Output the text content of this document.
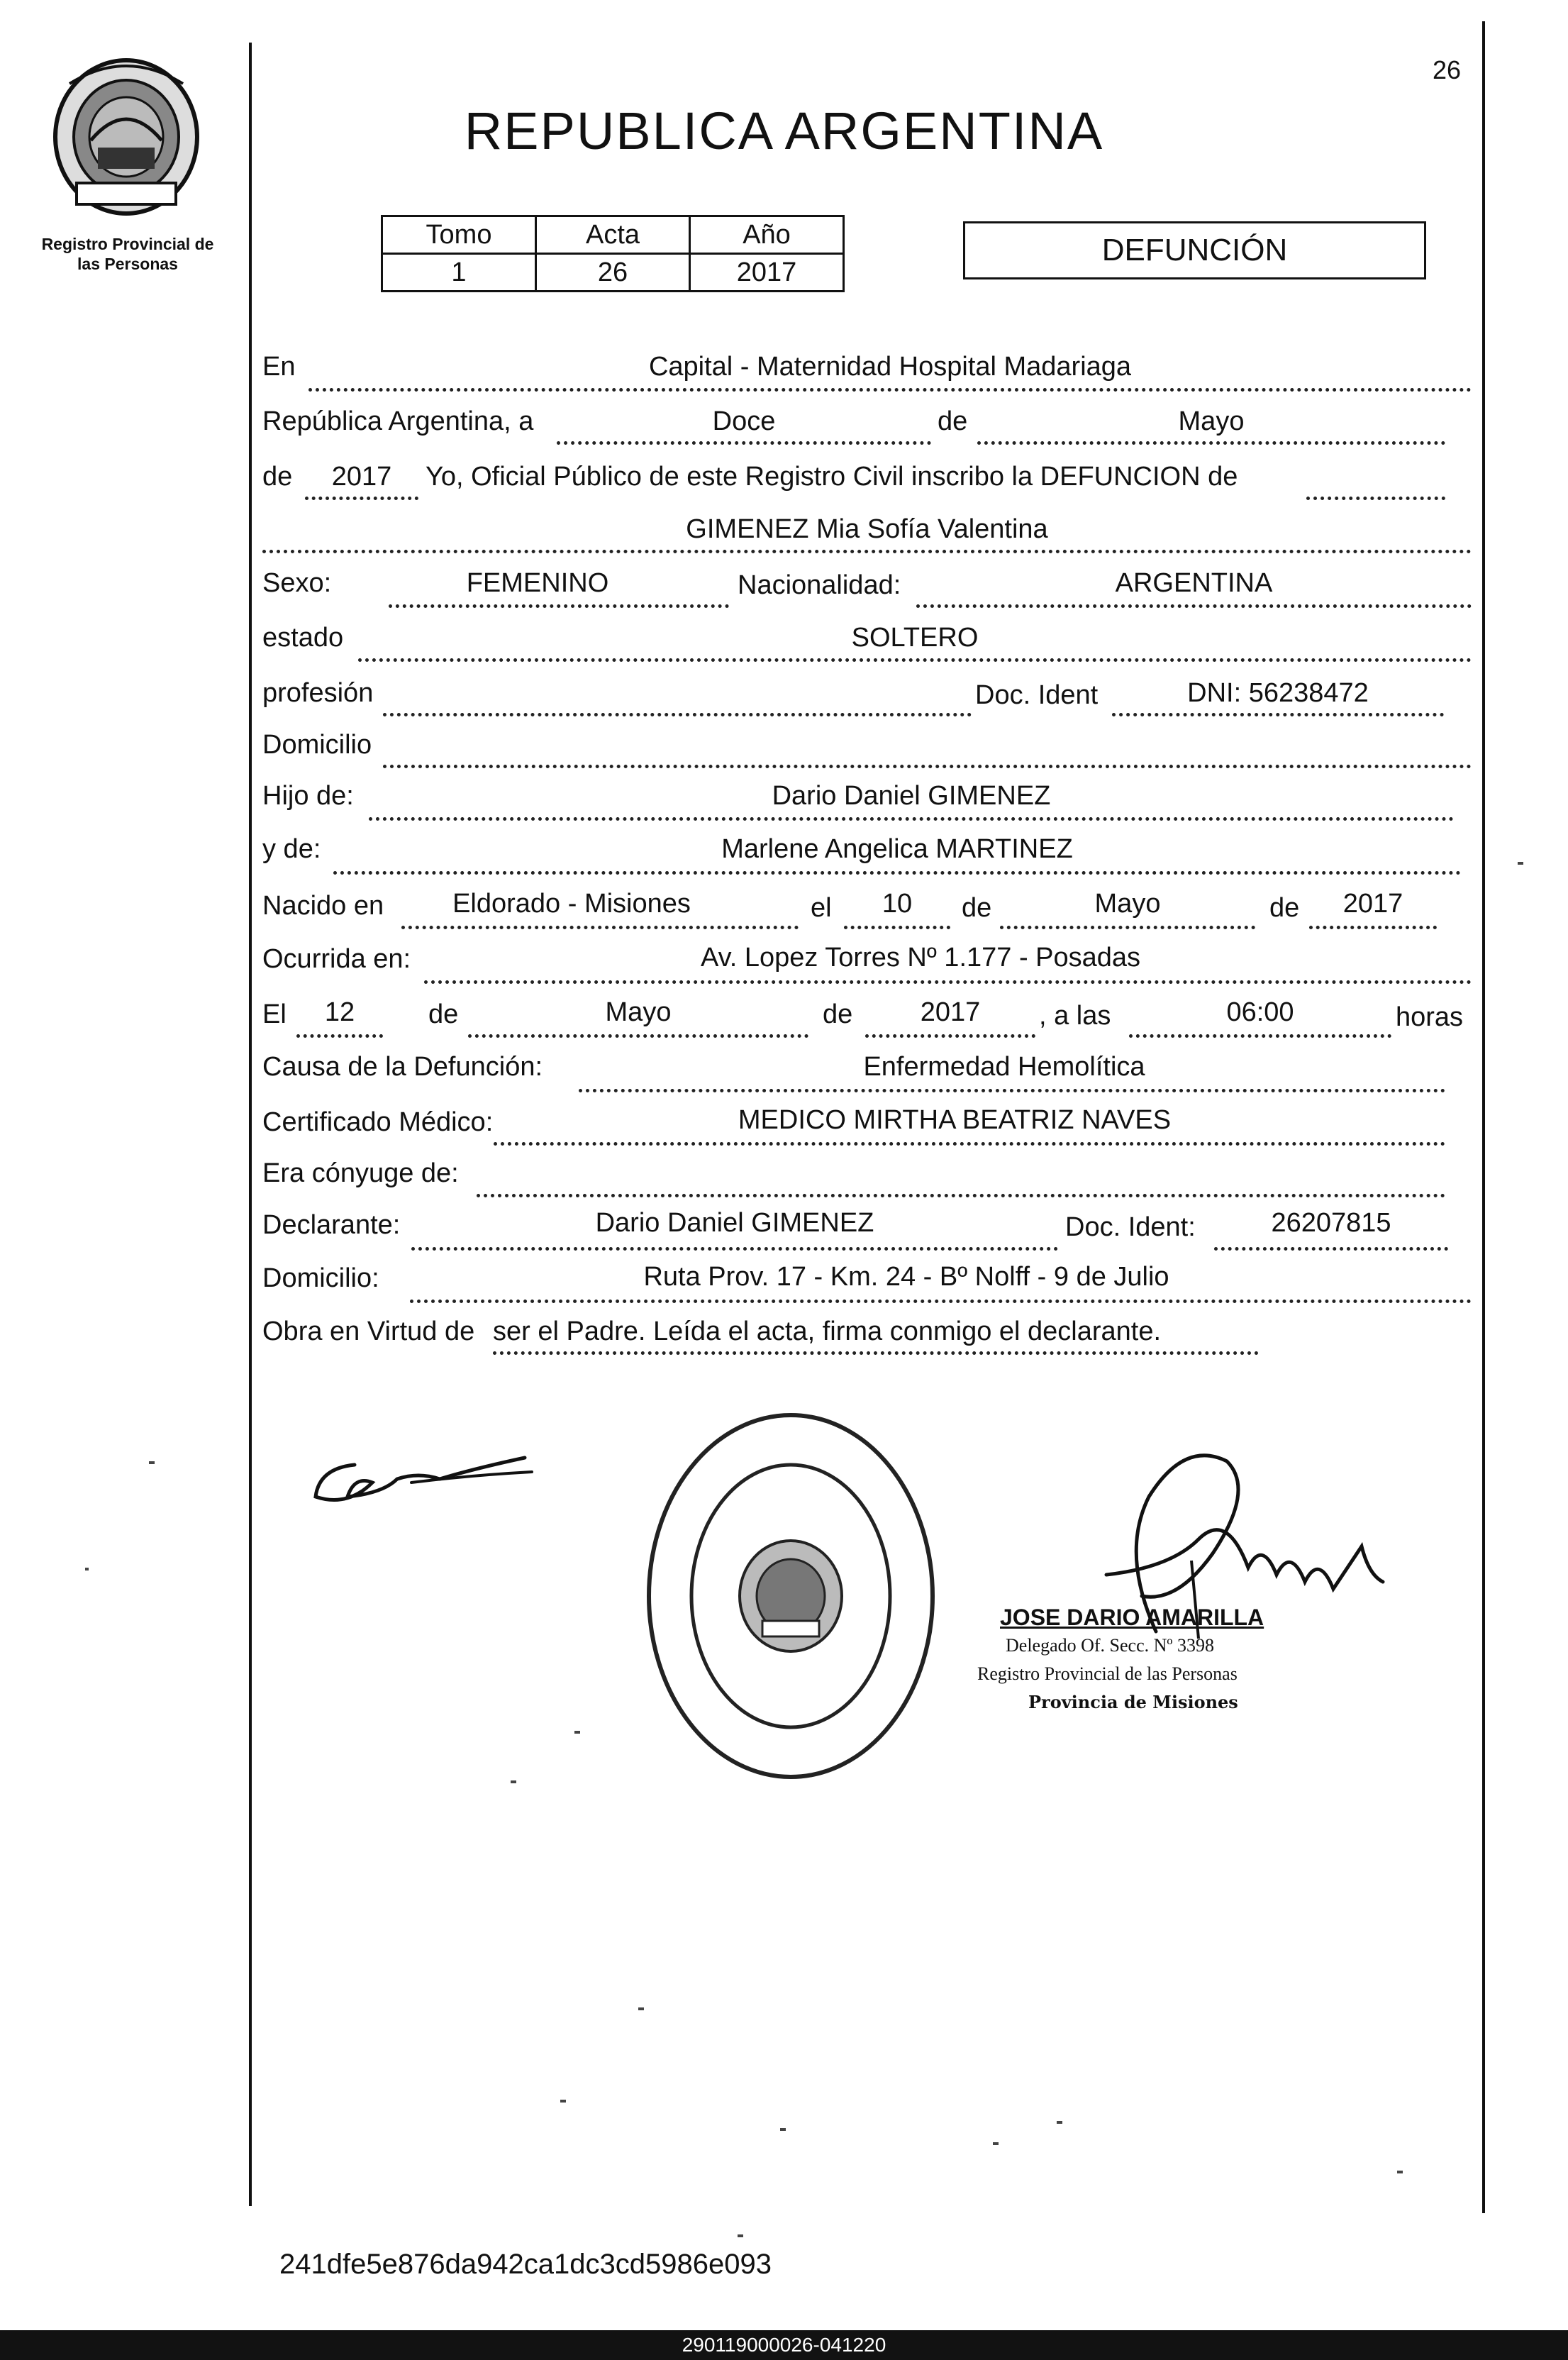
26
Registro Provincial de
las Personas
REPUBLICA ARGENTINA
Tomo	Acta	Año
1	26	2017
DEFUNCIÓN
En	Capital - Maternidad Hospital Madariaga
República Argentina, a	Doce	de	Mayo
de	2017	Yo, Oficial Público de este Registro Civil inscribo la DEFUNCION de
GIMENEZ Mia Sofía Valentina
Sexo:	FEMENINO	Nacionalidad:	ARGENTINA
estado	SOLTERO
profesión	Doc. Ident	DNI: 56238472
Domicilio
Hijo de:	Dario Daniel GIMENEZ
y de:	Marlene Angelica MARTINEZ
Nacido en	Eldorado - Misiones	el	10	de	Mayo	de	2017
Ocurrida en:	Av. Lopez Torres Nº 1.177 - Posadas
El	12	de	Mayo	de	2017	, a las	06:00	horas
Causa de la Defunción:	Enfermedad Hemolítica
Certificado Médico:	MEDICO MIRTHA BEATRIZ NAVES
Era cónyuge de:
Declarante:	Dario Daniel GIMENEZ	Doc. Ident:	26207815
Domicilio:	Ruta Prov. 17 - Km. 24 - Bº Nolff - 9 de Julio
Obra en Virtud de ser el Padre. Leída el acta, firma conmigo el declarante.
JOSE DARIO AMARILLA
Delegado Of. Secc. Nº 3398
Registro Provincial de las Personas
Provincia de Misiones
241dfe5e876da942ca1dc3cd5986e093
290119000026-041220
